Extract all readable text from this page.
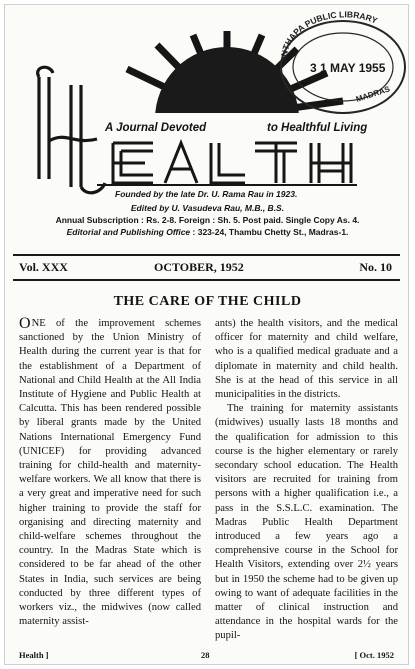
ANTHAPA PUBLIC LIBRARY
3 1 MAY 1955
MADRAS
A Journal Devoted	to Healthful Living
Founded by the late Dr. U. Rama Rau in 1923.
Edited by U. Vasudeva Rau, M.B., B.S.
Annual Subscription : Rs. 2-8. Foreign : Sh. 5. Post paid. Single Copy As. 4.
Editorial and Publishing Office : 323-24, Thambu Chetty St., Madras-1.
Vol. XXX	OCTOBER, 1952	No. 10
THE CARE OF THE CHILD

ONE of the improvement schemes sanctioned by the Union Ministry of Health during the current year is that for the establishment of a Department of National and Child Health at the All India Institute of Hygiene and Public Health at Calcutta. This has been rendered possible by liberal grants made by the United Nations International Emergency Fund (UNICEF) for providing advanced training for child-health and maternity-welfare workers. We all know that there is a very great and imperative need for such higher training to provide the staff for organising and directing maternity and child-welfare schemes throughout the country. In the Madras State which is considered to be far ahead of the other States in India, such services are being conducted by three different types of workers viz., the midwives (now called maternity assist-

ants) the health visitors, and the medical officer for maternity and child welfare, who is a qualified medical graduate and a diplomate in maternity and child health. She is at the head of this service in all municipalities in the districts.

The training for maternity assistants (midwives) usually lasts 18 months and the qualification for admission to this course is the higher elementary or rarely secondary school education. The Health visitors are recruited for training from persons with a higher qualification i.e., a pass in the S.S.L.C. examination. The Madras Public Health Department introduced a few years ago a comprehensive course in the School for Health Visitors, extending over 2½ years but in 1950 the scheme had to be given up owing to want of adequate facilities in the matter of clinical instruction and attendance in the hospital wards for the pupil-

Health ]	28	[ Oct. 1952
